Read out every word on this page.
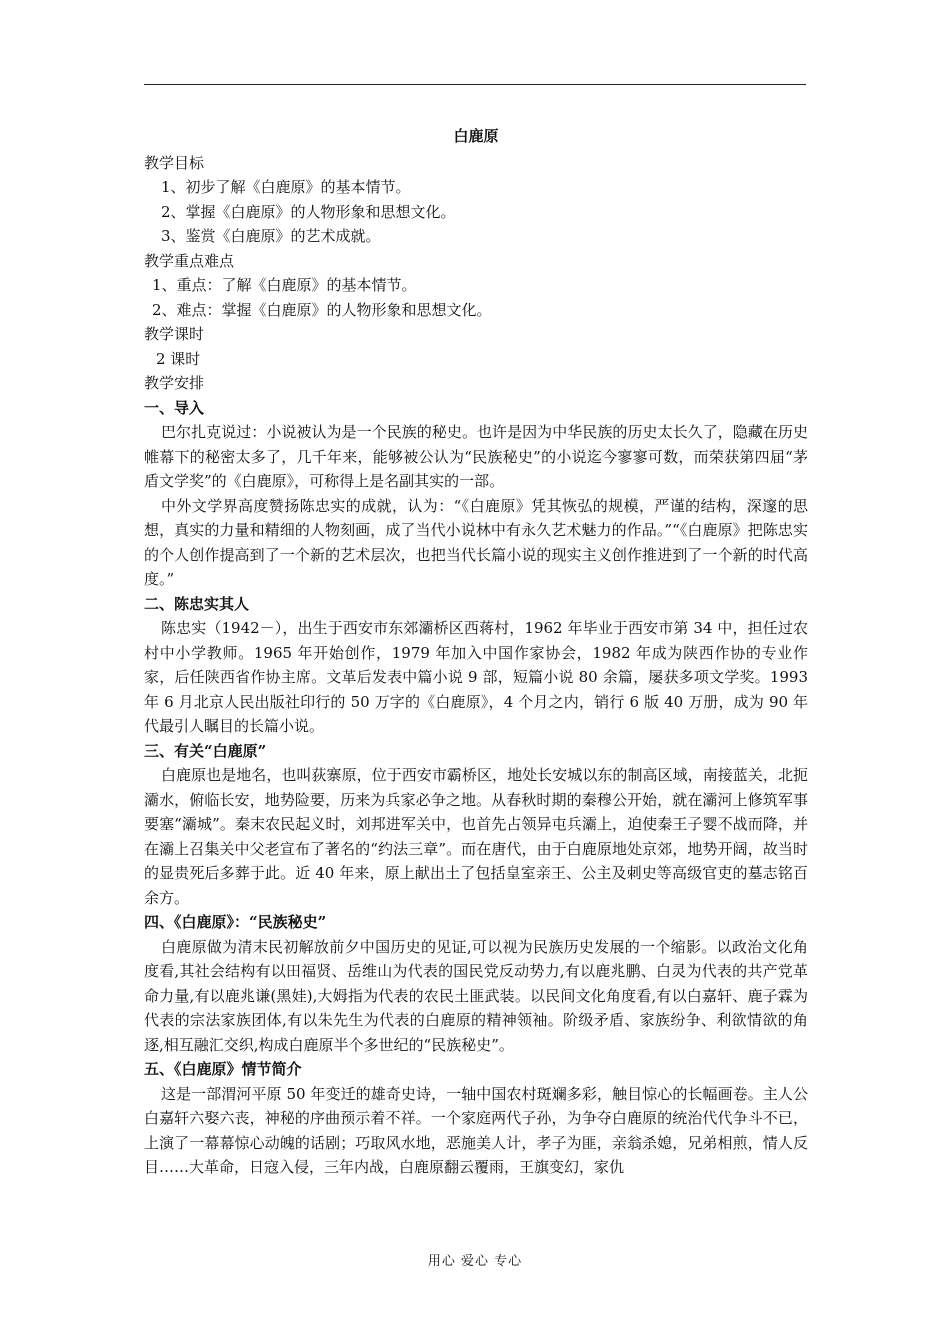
白鹿原
教学目标
1、初步了解《白鹿原》的基本情节。
2、掌握《白鹿原》的人物形象和思想文化。
3、鉴赏《白鹿原》的艺术成就。
教学重点难点
1、重点：了解《白鹿原》的基本情节。
2、难点：掌握《白鹿原》的人物形象和思想文化。
教学课时
2 课时
教学安排
一、导入
巴尔扎克说过：小说被认为是一个民族的秘史。也许是因为中华民族的历史太长久了，隐藏在历史帷幕下的秘密太多了，几千年来，能够被公认为“民族秘史”的小说迄今寥寥可数，而荣获第四届“茅盾文学奖”的《白鹿原》，可称得上是名副其实的一部。
中外文学界高度赞扬陈忠实的成就，认为：“《白鹿原》凭其恢弘的规模，严谨的结构，深邃的思想，真实的力量和精细的人物刻画，成了当代小说林中有永久艺术魅力的作品。”“《白鹿原》把陈忠实的个人创作提高到了一个新的艺术层次，也把当代长篇小说的现实主义创作推进到了一个新的时代高度。”
二、陈忠实其人
陈忠实（1942－），出生于西安市东郊灞桥区西蒋村，1962 年毕业于西安市第 34 中，担任过农村中小学教师。1965 年开始创作，1979 年加入中国作家协会，1982 年成为陕西作协的专业作家，后任陕西省作协主席。文革后发表中篇小说 9 部，短篇小说 80 余篇，屡获多项文学奖。1993 年 6 月北京人民出版社印行的 50 万字的《白鹿原》，4 个月之内，销行 6 版 40 万册，成为 90 年代最引人瞩目的长篇小说。
三、有关“白鹿原”
白鹿原也是地名，也叫荻寨原，位于西安市霸桥区，地处长安城以东的制高区域，南接蓝关，北扼灞水，俯临长安，地势险要，历来为兵家必争之地。从春秋时期的秦穆公开始，就在灞河上修筑军事要塞“灞城”。秦末农民起义时，刘邦进军关中，也首先占领异屯兵灞上，迫使秦王子婴不战而降，并在灞上召集关中父老宣布了著名的“约法三章”。而在唐代，由于白鹿原地处京郊，地势开阔，故当时的显贵死后多葬于此。近 40 年来，原上献出土了包括皇室亲王、公主及刺史等高级官吏的墓志铭百余方。
四、《白鹿原》：“民族秘史”
白鹿原做为清末民初解放前夕中国历史的见证,可以视为民族历史发展的一个缩影。以政治文化角度看,其社会结构有以田福贤、岳维山为代表的国民党反动势力,有以鹿兆鹏、白灵为代表的共产党革命力量,有以鹿兆谦(黑娃),大姆指为代表的农民土匪武装。以民间文化角度看,有以白嘉轩、鹿子霖为代表的宗法家族团体,有以朱先生为代表的白鹿原的精神领袖。阶级矛盾、家族纷争、利欲情欲的角逐,相互融汇交织,构成白鹿原半个多世纪的“民族秘史”。
五、《白鹿原》情节简介
这是一部渭河平原 50 年变迁的雄奇史诗，一轴中国农村斑斓多彩，触目惊心的长幅画卷。主人公白嘉轩六娶六丧，神秘的序曲预示着不祥。一个家庭两代子孙，为争夺白鹿原的统治代代争斗不已，上演了一幕幕惊心动魄的话剧；巧取风水地，恶施美人计，孝子为匪，亲翁杀媳，兄弟相煎，情人反目……大革命，日寇入侵，三年内战，白鹿原翻云覆雨，王旗变幻，家仇
用心 爱心 专心
